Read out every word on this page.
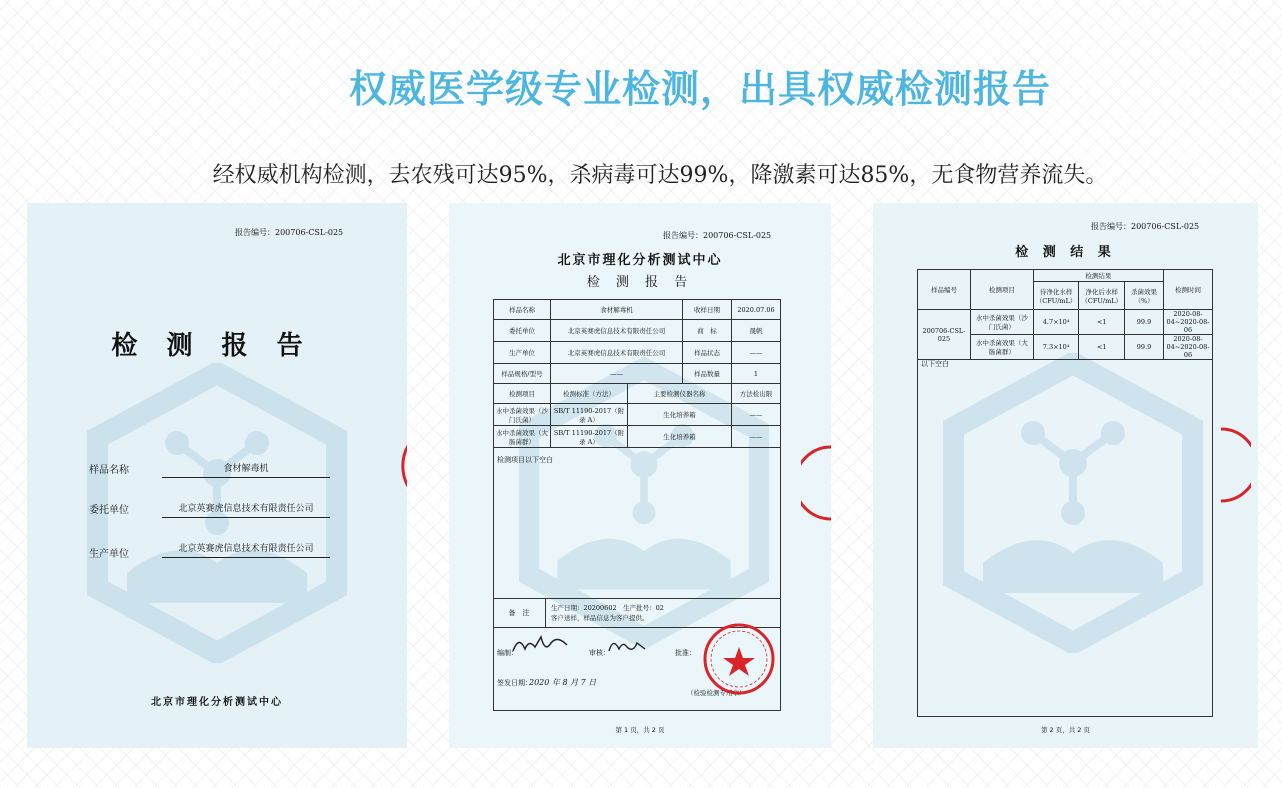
权威医学级专业检测，出具权威检测报告
经权威机构检测，去农残可达95%，杀病毒可达99%，降激素可达85%，无食物营养流失。
报告编号：200706-CSL-025
检 测 报 告
样品名称	食材解毒机
委托单位	北京英赛虎信息技术有限责任公司
生产单位	北京英赛虎信息技术有限责任公司
北京市理化分析测试中心
报告编号：200706-CSL-025
北京市理化分析测试中心
检 测 报 告
样品名称	食材解毒机		收样日期	2020.07.06
委托单位	北京英赛虎信息技术有限责任公司		商　标	晟帆
生产单位	北京英赛虎信息技术有限责任公司		样品状态	——
样品规格/型号	——		样品数量	1
检测项目	检测标准（方法）	主要检测仪器名称		方法检出限
水中杀菌效果（沙门氏菌）	SB/T 11190-2017（附录 A）	生化培养箱		——
水中杀菌效果（大肠菌群）	SB/T 11190-2017（附录 A）	生化培养箱		——
检测项目以下空白
备　注
生产日期：20200602　生产批号：02
客户送样，样品信息为客户提供。
编制：	审核：	批准：
签发日期：
2020 年 8 月 7 日
（检验检测专用章）
第 1 页，共 2 页
报告编号：200706-CSL-025
检 测 结 果
样品编号	检测项目	检测结果			检测时间
		待净化水样（CFU/mL）	净化后水样（CFU/mL）	杀菌效果（%）	
200706-CSL-025	水中杀菌效果（沙门氏菌）	4.7×10⁴	<1	99.9	2020-08-04~2020-08-06
	水中杀菌效果（大肠菌群）	7.3×10⁴	<1	99.9	2020-08-04~2020-08-06
以下空白
第 2 页，共 2 页
